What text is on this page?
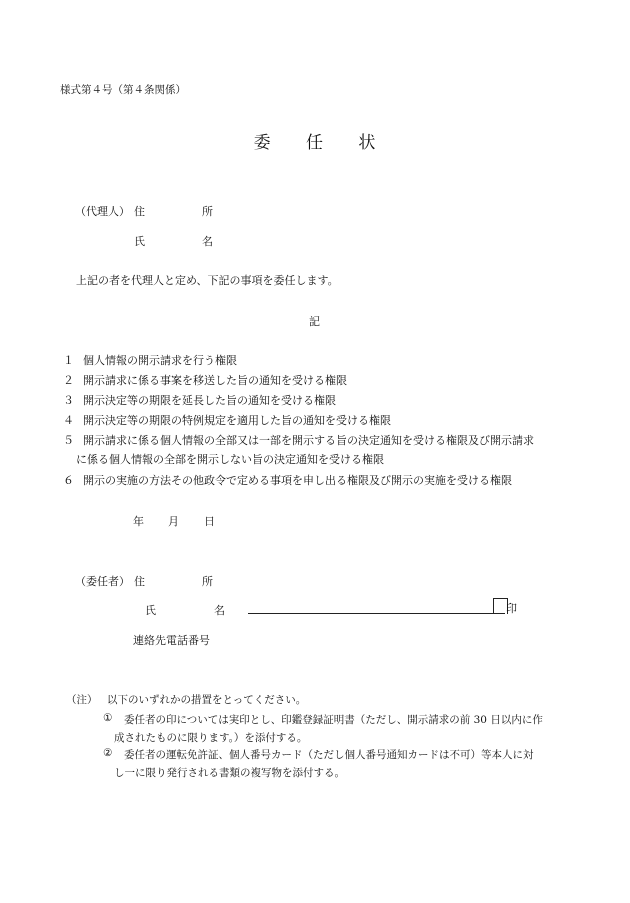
様式第４号（第４条関係）
委 任 状
（代理人） 住	所
氏	名
上記の者を代理人と定め、下記の事項を委任します。
記
１ 個人情報の開示請求を行う権限
２ 開示請求に係る事案を移送した旨の通知を受ける権限
３ 開示決定等の期限を延長した旨の通知を受ける権限
４ 開示決定等の期限の特例規定を適用した旨の通知を受ける権限
５ 開示請求に係る個人情報の全部又は一部を開示する旨の決定通知を受ける権限及び開示請求
に係る個人情報の全部を開示しない旨の決定通知を受ける権限
６ 開示の実施の方法その他政令で定める事項を申し出る権限及び開示の実施を受ける権限
年 月 日
（委任者） 住	所
氏	名	印
連絡先電話番号
（注） 以下のいずれかの措置をとってください。
① 委任者の印については実印とし、印鑑登録証明書（ただし、開示請求の前 30 日以内に作
成されたものに限ります。）を添付する。
② 委任者の運転免許証、個人番号カード（ただし個人番号通知カードは不可）等本人に対
し一に限り発行される書類の複写物を添付する。
